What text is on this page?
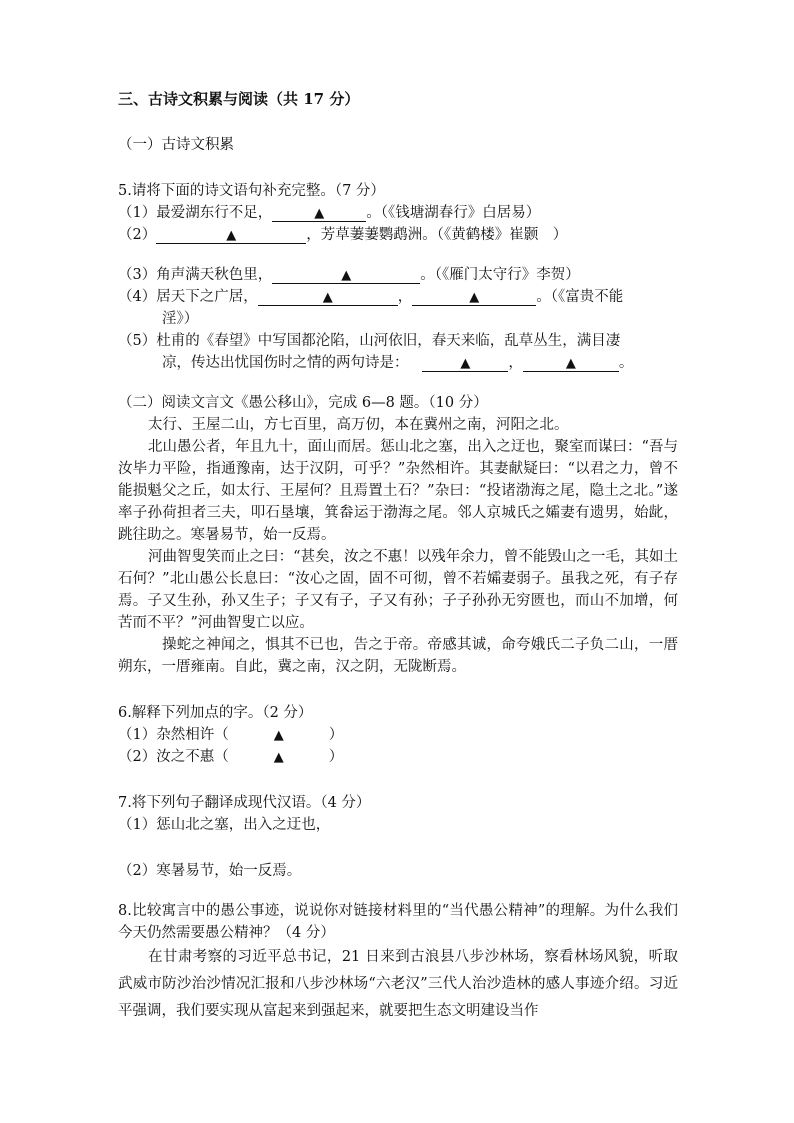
三、古诗文积累与阅读（共 17 分）
（一）古诗文积累
5.请将下面的诗文语句补充完整。（7 分）
（1）最爱湖东行不足，	▲	。（《钱塘湖春行》白居易）
（2）	▲	，芳草萋萋鹦鹉洲。（《黄鹤楼》崔颢　）
（3）角声满天秋色里，	▲	。（《雁门太守行》李贺）
（4）居天下之广居，	▲	，	▲	。（《富贵不能
淫》）
（5）杜甫的《春望》中写国都沦陷，山河依旧，春天来临，乱草丛生，满目凄
凉，传达出忧国伤时之情的两句诗是：	▲	，	▲	。
（二）阅读文言文《愚公移山》，完成 6—8 题。（10 分）
太行、王屋二山，方七百里，高万仞，本在冀州之南，河阳之北。
北山愚公者，年且九十，面山而居。惩山北之塞，出入之迂也，聚室而谋曰：“吾与汝毕力平险，指通豫南，达于汉阴，可乎？”杂然相许。其妻献疑曰：“以君之力，曾不能损魁父之丘，如太行、王屋何？且焉置土石？”杂曰：“投诸渤海之尾，隐土之北。”遂率子孙荷担者三夫，叩石垦壤，箕畚运于渤海之尾。邻人京城氏之孀妻有遗男，始龀，跳往助之。寒暑易节，始一反焉。
河曲智叟笑而止之曰：“甚矣，汝之不惠！以残年余力，曾不能毁山之一毛，其如土石何？”北山愚公长息曰：“汝心之固，固不可彻，曾不若孀妻弱子。虽我之死，有子存焉。子又生孙，孙又生子；子又有子，子又有孙；子子孙孙无穷匮也，而山不加增，何苦而不平？”河曲智叟亡以应。
操蛇之神闻之，惧其不已也，告之于帝。帝感其诚，命夸娥氏二子负二山，一厝朔东，一厝雍南。自此，冀之南，汉之阴，无陇断焉。
6.解释下列加点的字。（2 分）
（1）杂然相许（	▲	）
（2）汝之不惠（	▲	）
7.将下列句子翻译成现代汉语。（4 分）
（1）惩山北之塞，出入之迂也，
（2）寒暑易节，始一反焉。
8.比较寓言中的愚公事迹，说说你对链接材料里的“当代愚公精神”的理解。为什么我们今天仍然需要愚公精神？（4 分）
在甘肃考察的习近平总书记，21 日来到古浪县八步沙林场，察看林场风貌，听取武威市防沙治沙情况汇报和八步沙林场“六老汉”三代人治沙造林的感人事迹介绍。习近平强调，我们要实现从富起来到强起来，就要把生态文明建设当作
